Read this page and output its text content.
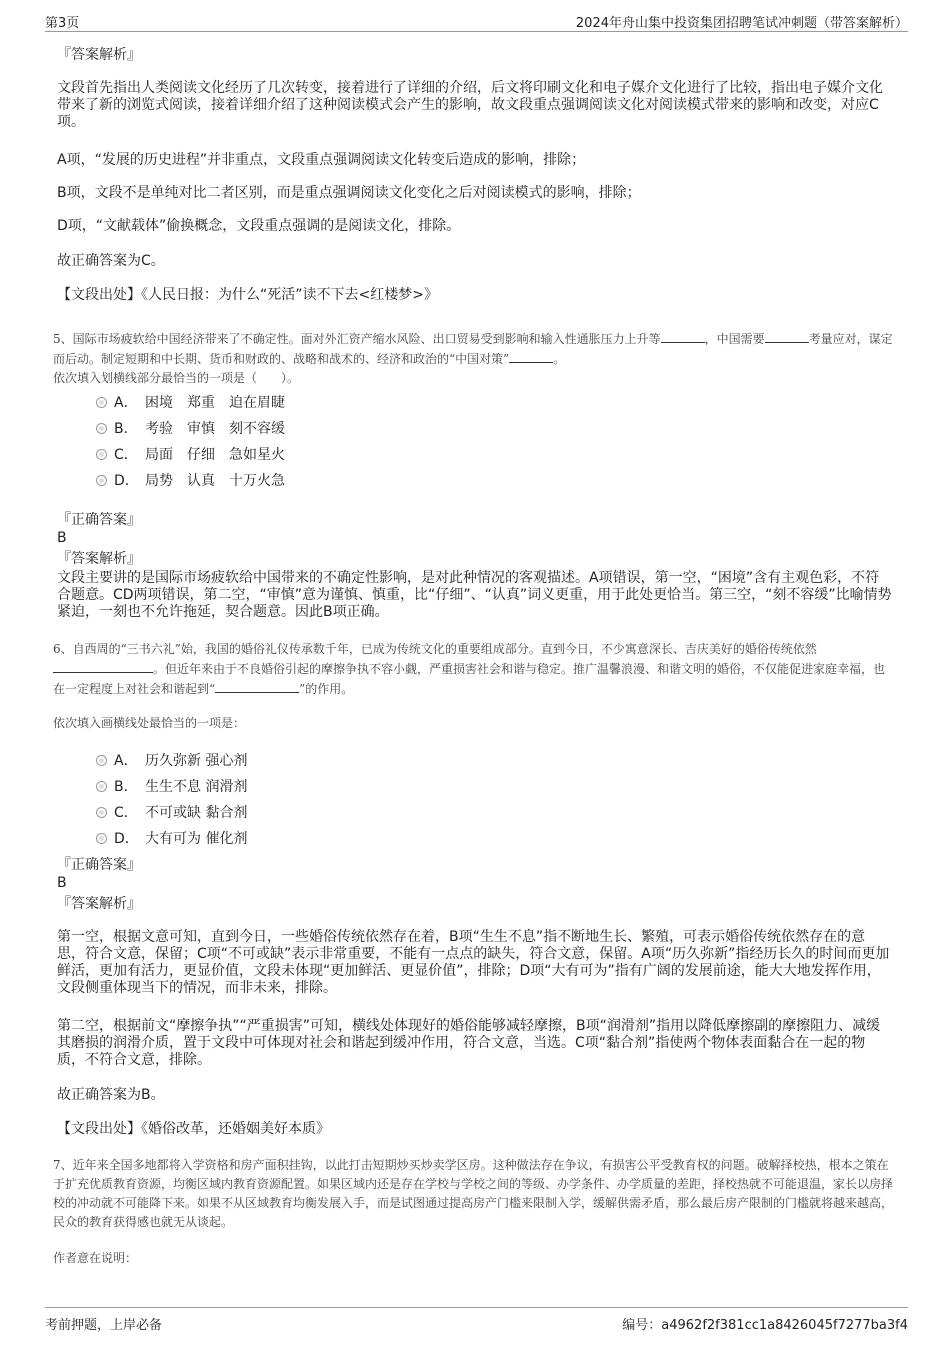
第3页	2024年舟山集中投资集团招聘笔试冲刺题（带答案解析）
『答案解析』
文段首先指出人类阅读文化经历了几次转变，接着进行了详细的介绍，后文将印刷文化和电子媒介文化进行了比较，指出电子媒介文化带来了新的浏览式阅读，接着详细介绍了这种阅读模式会产生的影响，故文段重点强调阅读文化对阅读模式带来的影响和改变，对应C项。
A项，“发展的历史进程”并非重点，文段重点强调阅读文化转变后造成的影响，排除；
B项，文段不是单纯对比二者区别，而是重点强调阅读文化变化之后对阅读模式的影响，排除；
D项，“文献载体”偷换概念，文段重点强调的是阅读文化，排除。
故正确答案为C。
【文段出处】《人民日报：为什么“死活”读不下去<红楼梦>》
5、国际市场疲软给中国经济带来了不确定性。面对外汇资产缩水风险、出口贸易受到影响和输入性通胀压力上升等	，中国需要	考量应对，谋定而后动。制定短期和中长期、货币和财政的、战略和战术的、经济和政治的“中国对策”	。
依次填入划横线部分最恰当的一项是（　　）。
A． 困境　郑重　迫在眉睫
B． 考验　审慎　刻不容缓
C． 局面　仔细　急如星火
D． 局势　认真　十万火急
『正确答案』
B
『答案解析』
文段主要讲的是国际市场疲软给中国带来的不确定性影响，是对此种情况的客观描述。A项错误，第一空，“困境”含有主观色彩，不符合题意。CD两项错误，第二空，“审慎”意为谨慎、慎重，比“仔细”、“认真”词义更重，用于此处更恰当。第三空，“刻不容缓”比喻情势紧迫，一刻也不允许拖延，契合题意。因此B项正确。
6、自西周的“三书六礼”始，我国的婚俗礼仪传承数千年，已成为传统文化的重要组成部分。直到今日，不少寓意深长、吉庆美好的婚俗传统依然。但近年来由于不良婚俗引起的摩擦争执不容小觑，严重损害社会和谐与稳定。推广温馨浪漫、和谐文明的婚俗，不仅能促进家庭幸福，也在一定程度上对社会和谐起到“	”的作用。
依次填入画横线处最恰当的一项是：
A． 历久弥新 强心剂
B． 生生不息 润滑剂
C． 不可或缺 黏合剂
D． 大有可为 催化剂
『正确答案』
B
『答案解析』
第一空，根据文意可知，直到今日，一些婚俗传统依然存在着，B项“生生不息”指不断地生长、繁殖，可表示婚俗传统依然存在的意思，符合文意，保留；C项“不可或缺”表示非常重要，不能有一点点的缺失，符合文意，保留。A项“历久弥新”指经历长久的时间而更加鲜活，更加有活力，更显价值，文段未体现“更加鲜活、更显价值”，排除；D项“大有可为”指有广阔的发展前途，能大大地发挥作用，文段侧重体现当下的情况，而非未来，排除。
第二空，根据前文“摩擦争执”“严重损害”可知，横线处体现好的婚俗能够减轻摩擦，B项“润滑剂”指用以降低摩擦副的摩擦阻力、减缓其磨损的润滑介质，置于文段中可体现对社会和谐起到缓冲作用，符合文意，当选。C项“黏合剂”指使两个物体表面黏合在一起的物质，不符合文意，排除。
故正确答案为B。
【文段出处】《婚俗改革，还婚姻美好本质》
7、近年来全国多地都将入学资格和房产面积挂钩，以此打击短期炒买炒卖学区房。这种做法存在争议，有损害公平受教育权的问题。破解择校热，根本之策在于扩充优质教育资源，均衡区域内教育资源配置。如果区域内还是存在学校与学校之间的等级、办学条件、办学质量的差距，择校热就不可能退温，家长以房择校的冲动就不可能降下来。如果不从区域教育均衡发展入手，而是试图通过提高房产门槛来限制入学，缓解供需矛盾，那么最后房产限制的门槛就将越来越高，民众的教育获得感也就无从谈起。
作者意在说明：
考前押题，上岸必备	编号：a4962f2f381cc1a8426045f7277ba3f4
